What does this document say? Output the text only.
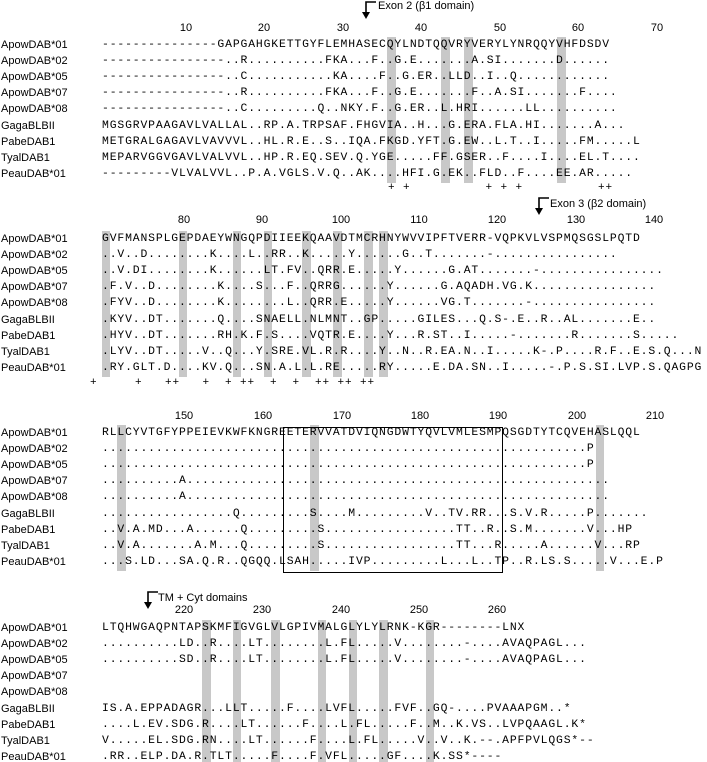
Exon 2 (β1 domain)
Exon 3 (β2 domain)
TM + Cyt domains
10	20	30	40	50	60	70
ApowDAB*01	---------------GAPGAHGKETTGYFLEMHASECQYLNDTQQVRYVERYLYNRQQYVHFDSDV
ApowDAB*02	----------------..R..........FKA...F..G.E.......A.SI.......D......
ApowDAB*05	----------------..C...........KA....F..G.ER..LLD..I..Q............
ApowDAB*07	----------------..R..........FKA...F..G.E.......F..A.SI.......F....
ApowDAB*08	----------------..C.........Q..NKY.F..G.ER..L.HRI......LL..........
GagaBLBII	MGSGRVPAAGAVLVALLAL..RP.A.TRPSAF.FHGVIA..H...G.ERA.FLA.HI.......A...
PabeDAB1	METGRALGAGAVLVAVVVL..HL.R.E..S..IQA.FKGD.YFT.G.EW..L.T..I.....FM.....L
TyalDAB1	MEPARVGGVGAVLVALVVL..HP.R.EQ.SEV.Q.YGE.....FF.GSER..F....I....EL.T....
PeauDAB*01	---------VLVALVVL..P.A.VGLS.V.Q..AK....HFI.G.EK..FLD..F....EE.AR.....
+ +          + + +          ++
80	90	100	110	120	130	140
ApowDAB*01	GVFMANSPLGEPDAEYWNGQPDIIEEKQAAVDTMCRHNYWVVIPFTVERR-VQPKVLVSPMQSGSLPQTD
ApowDAB*02	..V..D........K....L..RR..K.....Y......G..T.......-................
ApowDAB*05	..V.DI........K......LT.FV..QRR.E.....Y......G.AT.......-................
ApowDAB*07	.F.V..D........K....S...F..QRRG......Y......G.AQADH.VG.K................
ApowDAB*08	.FYV..D........K........L..QRR.E.....Y......VG.T.......-................
GagaBLBII	.KYV..DT.......Q....SNAELL.NLMNT..GP.....GILES...Q.S-.E..R..AL.......E..
PabeDAB1	.HYV..DT.......RH.K.F.S....VQTR.E....Y...R.ST..I.....-.......R.......S.....
TyalDAB1	.LYV..DT.....V..Q...Y.SRE.VL.R.R....Y..N..R.EA.N..I.....K-.P....R.F..E.S.Q...N
PeauDAB*01	.RY.GLT.D....KV.Q...SN.A.L.L.RE.....RY.....E.DA.SN..I.....-.P.S.SI.LVP.S.QAGPG
+     +   ++   +  + ++  +  +  ++ ++ ++
150	160	170	180	190	200	210
ApowDAB*01	RLLCYVTGFYPPEIEVKWFKNGREETERVVATDVIQNGDWTYQVLVMLESMPQSGDTYTCQVEHASLQQL
ApowDAB*02	...............................................................P
ApowDAB*05	...............................................................P
ApowDAB*07	..........A.......................................................
ApowDAB*08	..........A.......................................................
GagaBLBII	.................Q.........S....M.........V..TV.RR...S.V.R.....P.......
PabeDAB1	..V.A.MD...A......Q.........S.................TT..R..S.M.......V...HP
TyalDAB1	..V.A.......A.M...Q.........S.................TT...R.....A......V...RP
PeauDAB*01	...S.LD...SA.Q.R..QGQQ.LSAH.....IVP.........L...L..TP..R.LS.S.....V...E.P
220	230	240	250	260
ApowDAB*01	LTQHWGAQPNTAPSKMFIGVGLVLGPIVMALGLYLYLRNK-KGR--------LNX
ApowDAB*02	..........LD..R....LT........L.FL.....V........-....AVAQPAGL...
ApowDAB*05	..........SD..R....LT........L.FL.....V........-....AVAQPAGL...
ApowDAB*07
ApowDAB*08
GagaBLBII	IS.A.EPPADAGR...LLT.....F....LVFL.....FVF..GQ-....PVAAAPGM..*
PabeDAB1	....L.EV.SDG.R....LT......F....L.FL.....F..M..K.VS..LVPQAAGL.K*
TyalDAB1	V.....EL.SDG.RN....LT......F....L.FL.....V..V..K.--.APFPVLQGS*--
PeauDAB*01	.RR..ELP.DA.R.TLT.....F....F.VFL.....GF....K.SS*----
